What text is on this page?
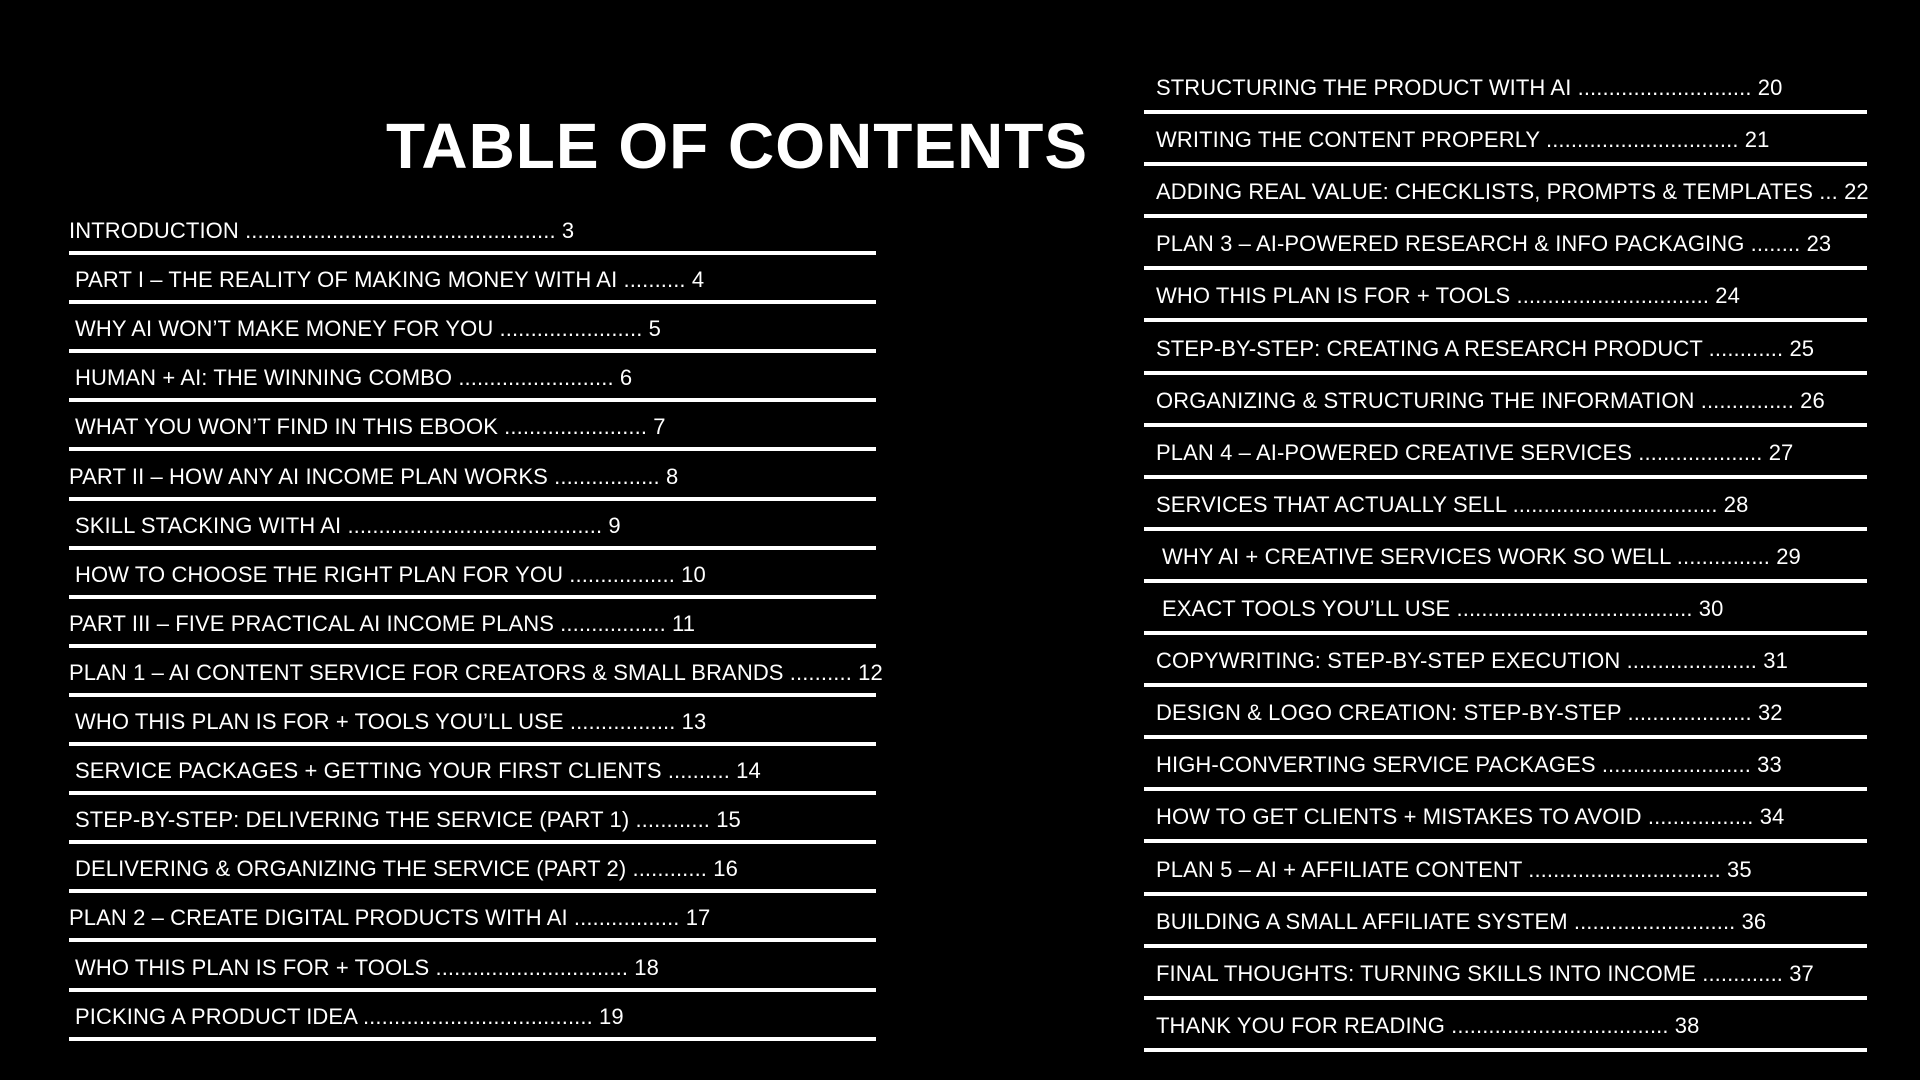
TABLE OF CONTENTS
INTRODUCTION .................................................. 3
PART I – THE REALITY OF MAKING MONEY WITH AI .......... 4
WHY AI WON’T MAKE MONEY FOR YOU ....................... 5
HUMAN + AI: THE WINNING COMBO ......................... 6
WHAT YOU WON’T FIND IN THIS EBOOK ....................... 7
PART II – HOW ANY AI INCOME PLAN WORKS ................. 8
SKILL STACKING WITH AI ......................................... 9
HOW TO CHOOSE THE RIGHT PLAN FOR YOU ................. 10
PART III – FIVE PRACTICAL AI INCOME PLANS ................. 11
PLAN 1 – AI CONTENT SERVICE FOR CREATORS & SMALL BRANDS .......... 12
WHO THIS PLAN IS FOR + TOOLS YOU’LL USE ................. 13
SERVICE PACKAGES + GETTING YOUR FIRST CLIENTS .......... 14
STEP-BY-STEP: DELIVERING THE SERVICE (PART 1) ............ 15
DELIVERING & ORGANIZING THE SERVICE (PART 2) ............ 16
PLAN 2 – CREATE DIGITAL PRODUCTS WITH AI ................. 17
WHO THIS PLAN IS FOR + TOOLS ............................... 18
PICKING A PRODUCT IDEA ..................................... 19
STRUCTURING THE PRODUCT WITH AI ............................ 20
WRITING THE CONTENT PROPERLY ............................... 21
ADDING REAL VALUE: CHECKLISTS, PROMPTS & TEMPLATES ... 22
PLAN 3 – AI-POWERED RESEARCH & INFO PACKAGING ........ 23
WHO THIS PLAN IS FOR + TOOLS ............................... 24
STEP-BY-STEP: CREATING A RESEARCH PRODUCT ............ 25
ORGANIZING & STRUCTURING THE INFORMATION ............... 26
PLAN 4 – AI-POWERED CREATIVE SERVICES .................... 27
SERVICES THAT ACTUALLY SELL ................................. 28
WHY AI + CREATIVE SERVICES WORK SO WELL ............... 29
EXACT TOOLS YOU’LL USE ...................................... 30
COPYWRITING: STEP-BY-STEP EXECUTION ..................... 31
DESIGN & LOGO CREATION: STEP-BY-STEP .................... 32
HIGH-CONVERTING SERVICE PACKAGES ........................ 33
HOW TO GET CLIENTS + MISTAKES TO AVOID ................. 34
PLAN 5 – AI + AFFILIATE CONTENT ............................... 35
BUILDING A SMALL AFFILIATE SYSTEM .......................... 36
FINAL THOUGHTS: TURNING SKILLS INTO INCOME ............. 37
THANK YOU FOR READING ................................... 38
